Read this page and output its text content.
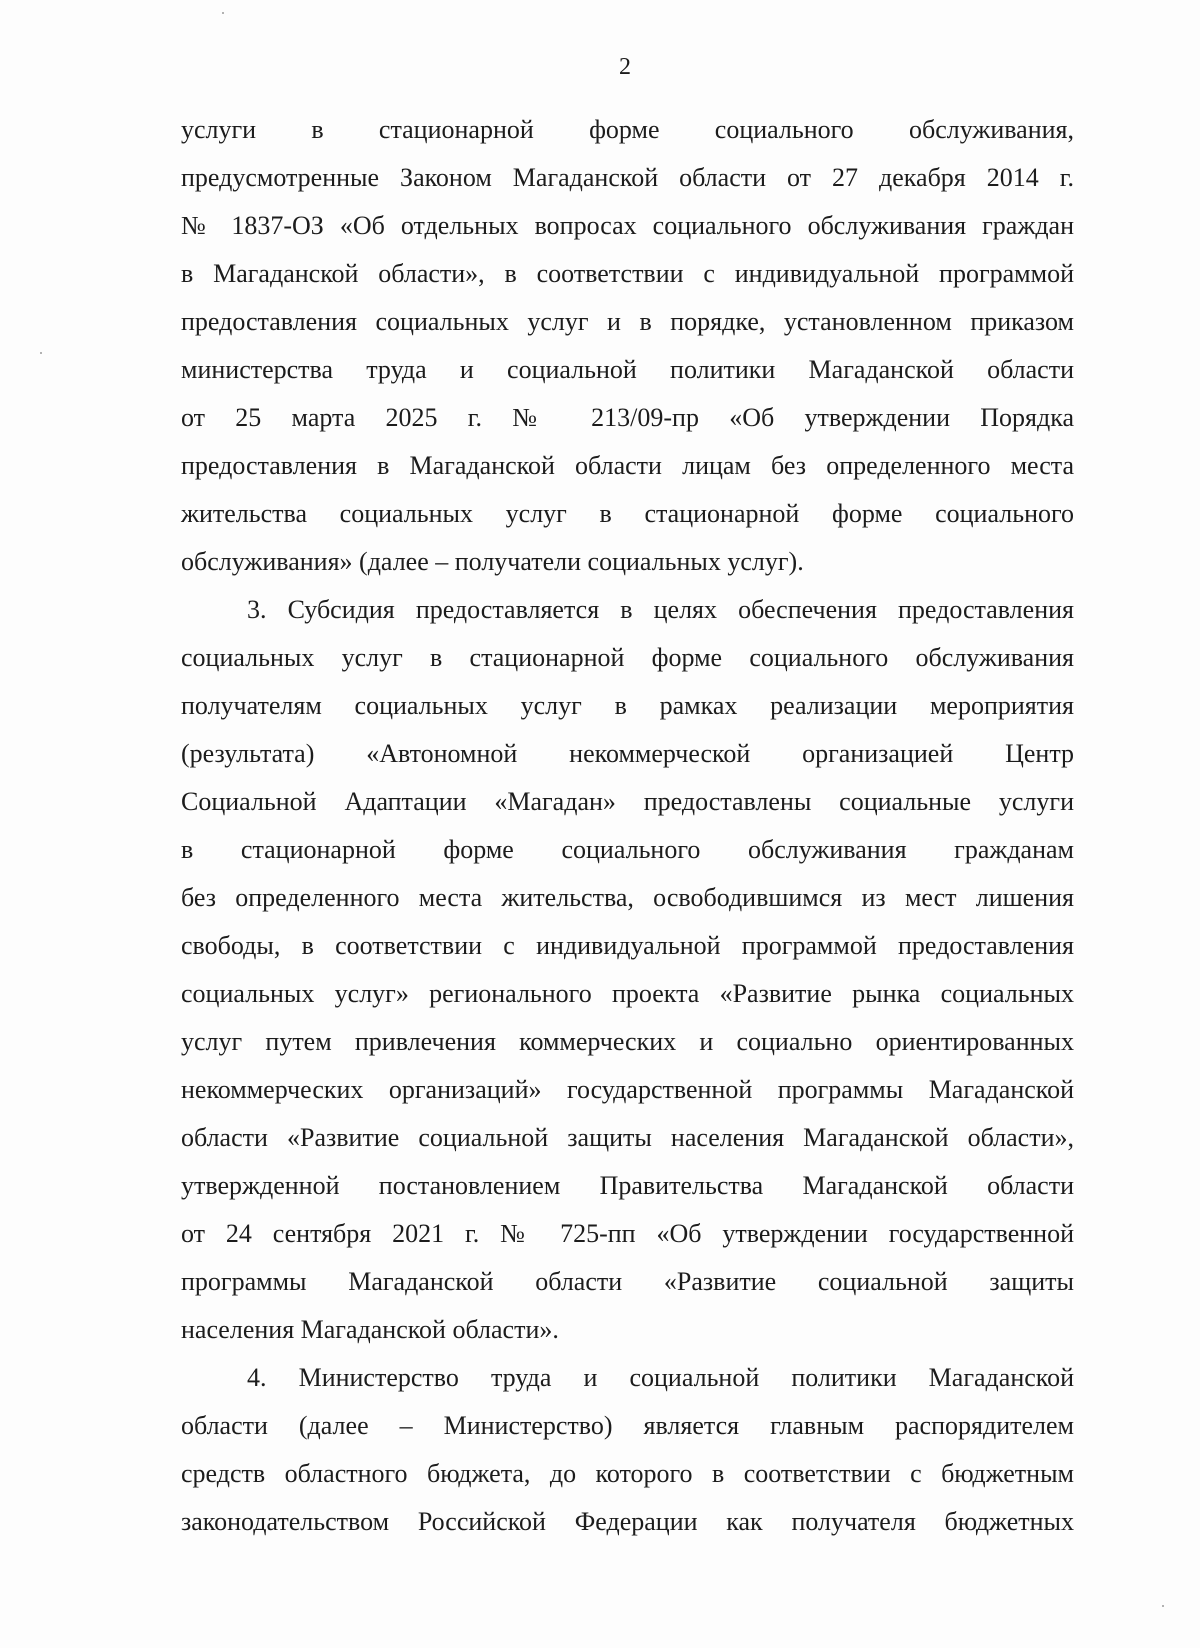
2
услуги в стационарной форме социального обслуживания,
предусмотренные Законом Магаданской области от 27 декабря 2014 г.
№ 1837-ОЗ «Об отдельных вопросах социального обслуживания граждан
в Магаданской области», в соответствии с индивидуальной программой
предоставления социальных услуг и в порядке, установленном приказом
министерства труда и социальной политики Магаданской области
от 25 марта 2025 г. № 213/09-пр «Об утверждении Порядка
предоставления в Магаданской области лицам без определенного места
жительства социальных услуг в стационарной форме социального
обслуживания» (далее – получатели социальных услуг).
3. Субсидия предоставляется в целях обеспечения предоставления
социальных услуг в стационарной форме социального обслуживания
получателям социальных услуг в рамках реализации мероприятия
(результата) «Автономной некоммерческой организацией Центр
Социальной Адаптации «Магадан» предоставлены социальные услуги
в стационарной форме социального обслуживания гражданам
без определенного места жительства, освободившимся из мест лишения
свободы, в соответствии с индивидуальной программой предоставления
социальных услуг» регионального проекта «Развитие рынка социальных
услуг путем привлечения коммерческих и социально ориентированных
некоммерческих организаций» государственной программы Магаданской
области «Развитие социальной защиты населения Магаданской области»,
утвержденной постановлением Правительства Магаданской области
от 24 сентября 2021 г. № 725-пп «Об утверждении государственной
программы Магаданской области «Развитие социальной защиты
населения Магаданской области».
4. Министерство труда и социальной политики Магаданской
области (далее – Министерство) является главным распорядителем
средств областного бюджета, до которого в соответствии с бюджетным
законодательством Российской Федерации как получателя бюджетных
